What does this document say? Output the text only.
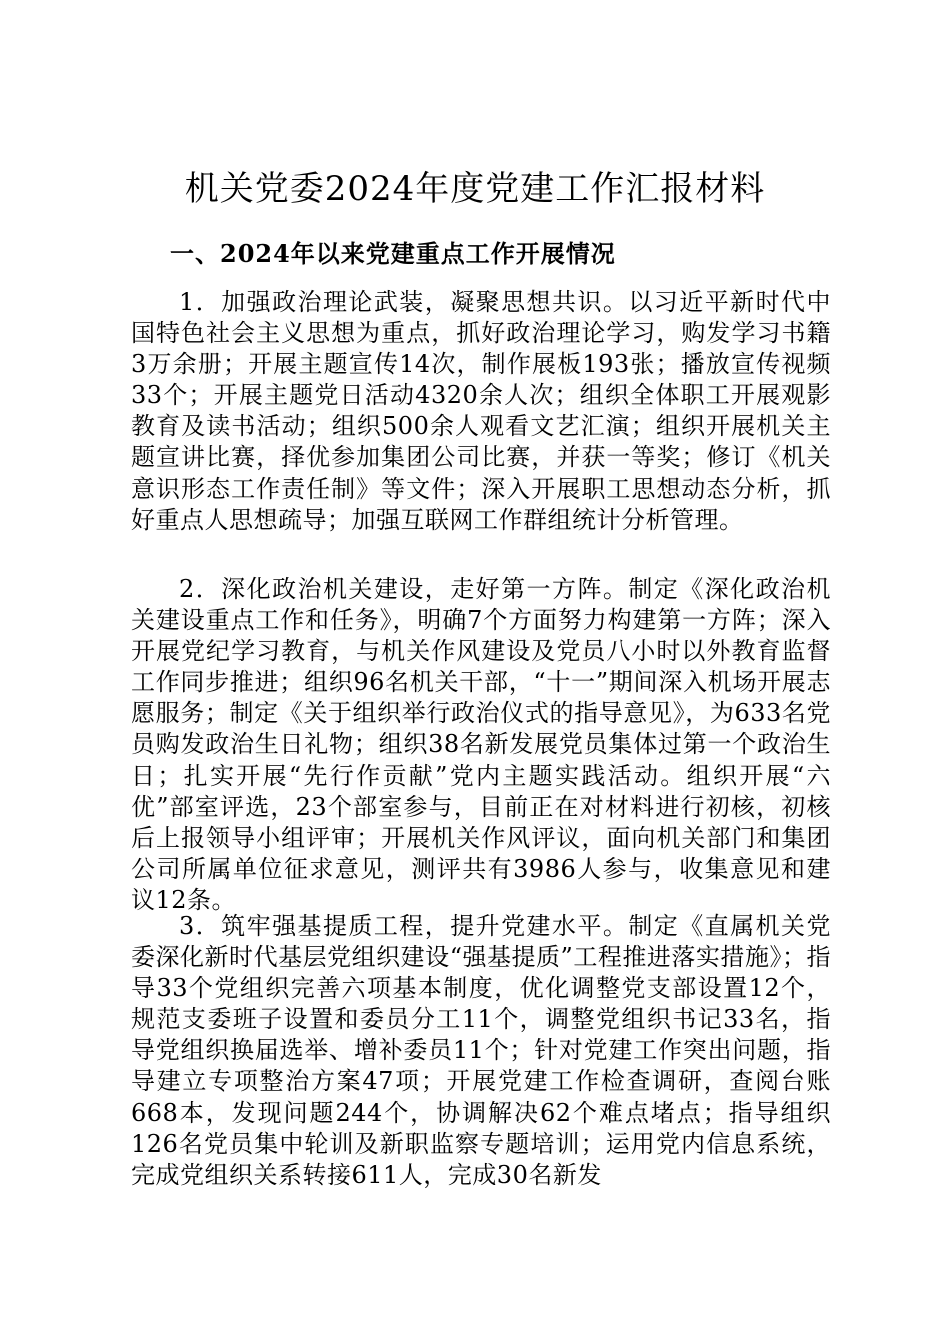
机关党委2024年度党建工作汇报材料
一、2024年以来党建重点工作开展情况

1．加强政治理论武装，凝聚思想共识。以习近平新时代中国特色社会主义思想为重点，抓好政治理论学习，购发学习书籍3万余册；开展主题宣传14次，制作展板193张；播放宣传视频33个；开展主题党日活动4320余人次；组织全体职工开展观影教育及读书活动；组织500余人观看文艺汇演；组织开展机关主题宣讲比赛，择优参加集团公司比赛，并获一等奖；修订《机关意识形态工作责任制》等文件；深入开展职工思想动态分析，抓好重点人思想疏导；加强互联网工作群组统计分析管理。

2．深化政治机关建设，走好第一方阵。制定《深化政治机关建设重点工作和任务》，明确7个方面努力构建第一方阵；深入开展党纪学习教育，与机关作风建设及党员八小时以外教育监督工作同步推进；组织96名机关干部，“十一”期间深入机场开展志愿服务；制定《关于组织举行政治仪式的指导意见》，为633名党员购发政治生日礼物；组织38名新发展党员集体过第一个政治生日；扎实开展“先行作贡献”党内主题实践活动。组织开展“六优”部室评选，23个部室参与，目前正在对材料进行初核，初核后上报领导小组评审；开展机关作风评议，面向机关部门和集团公司所属单位征求意见，测评共有3986人参与，收集意见和建议12条。

3．筑牢强基提质工程，提升党建水平。制定《直属机关党委深化新时代基层党组织建设“强基提质”工程推进落实措施》；指导33个党组织完善六项基本制度，优化调整党支部设置12个，规范支委班子设置和委员分工11个，调整党组织书记33名，指导党组织换届选举、增补委员11个；针对党建工作突出问题，指导建立专项整治方案47项；开展党建工作检查调研，查阅台账668本，发现问题244个，协调解决62个难点堵点；指导组织126名党员集中轮训及新职监察专题培训；运用党内信息系统，完成党组织关系转接611人，完成30名新发
